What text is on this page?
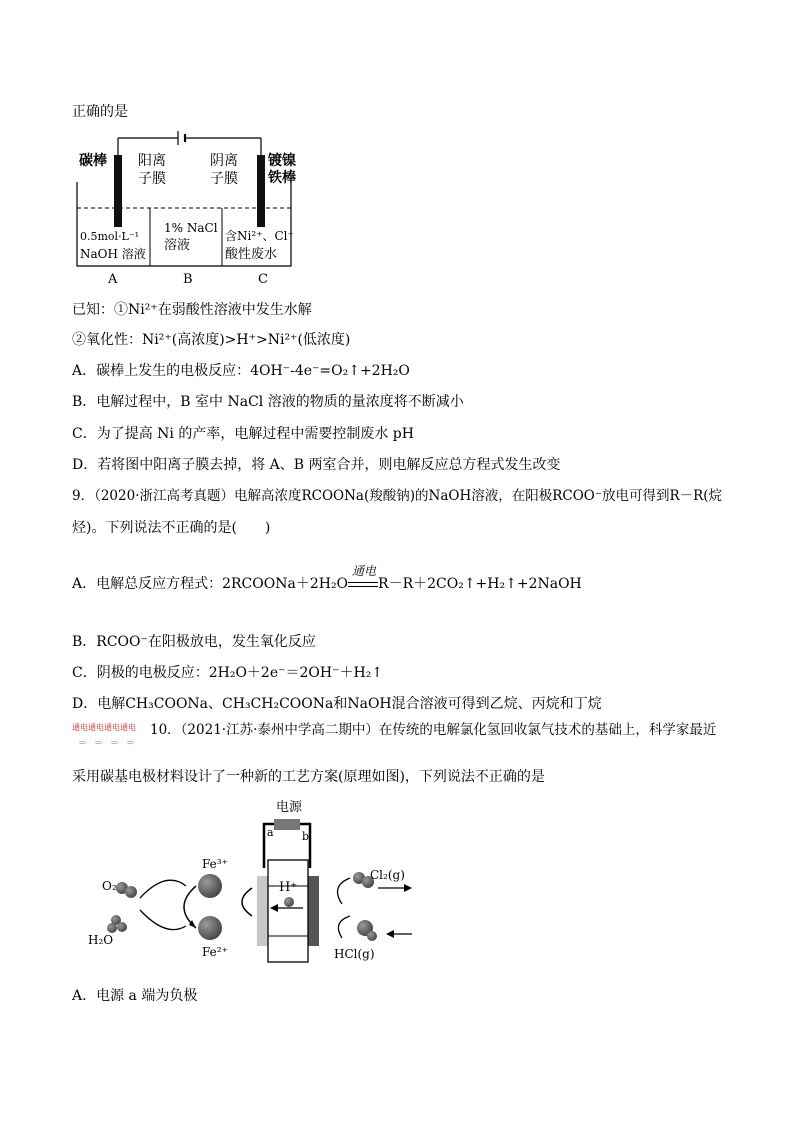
正确的是
碳棒	镀镍
铁棒
阳离
子膜
阴离
子膜
0.5mol·L⁻¹
NaOH 溶液
1% NaCl
溶液
含Ni²⁺、Cl⁻
酸性废水
A	B	C
已知：①Ni²⁺在弱酸性溶液中发生水解
②氧化性：Ni²⁺(高浓度)>H⁺>Ni²⁺(低浓度)
A．碳棒上发生的电极反应：4OH⁻-4e⁻=O₂↑+2H₂O
B．电解过程中，B 室中 NaCl 溶液的物质的量浓度将不断减小
C．为了提高 Ni 的产率，电解过程中需要控制废水 pH
D．若将图中阳离子膜去掉，将 A、B 两室合并，则电解反应总方程式发生改变
9．（2020·浙江高考真题）电解高浓度RCOONa(羧酸钠)的NaOH溶液，在阳极RCOO⁻放电可得到R－R(烷
烃)。下列说法不正确的是(　　)
A．电解总反应方程式：2RCOONa＋2H₂O
通电
R－R＋2CO₂↑+H₂↑+2NaOH
B．RCOO⁻在阳极放电，发生氧化反应
C．阴极的电极反应：2H₂O＋2e⁻＝2OH⁻＋H₂↑
D．电解CH₃COONa、CH₃CH₂COONa和NaOH混合溶液可得到乙烷、丙烷和丁烷
通电通电通电通电
＝＝＝＝
10．（2021·江苏·泰州中学高二期中）在传统的电解氯化氢回收氯气技术的基础上，科学家最近
采用碳基电极材料设计了一种新的工艺方案(原理如图)，下列说法不正确的是
电源
a	b
H⁺
Fe³⁺
Fe²⁺
O₂
H₂O
Cl₂(g)
HCl(g)
A．电源 a 端为负极
